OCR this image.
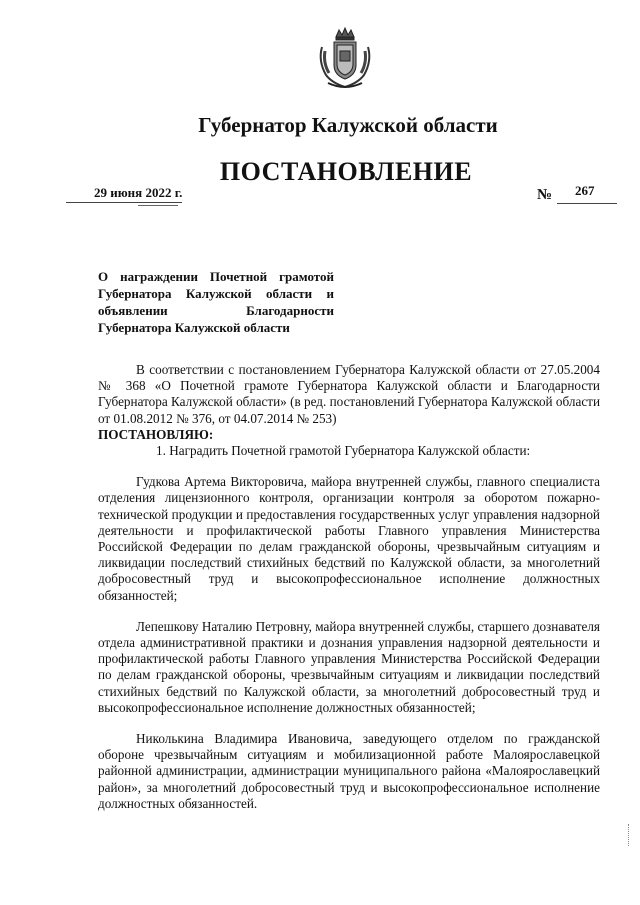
Губернатор Калужской области
ПОСТАНОВЛЕНИЕ
29 июня 2022 г.	№ 267
О награждении Почетной грамотой Губернатора Калужской области и объявлении Благодарности Губернатора Калужской области

В соответствии с постановлением Губернатора Калужской области от 27.05.2004 № 368 «О Почетной грамоте Губернатора Калужской области и Благодарности Губернатора Калужской области» (в ред. постановлений Губернатора Калужской области от 01.08.2012 № 376, от 04.07.2014 № 253)

ПОСТАНОВЛЯЮ:

1. Наградить Почетной грамотой Губернатора Калужской области:

Гудкова Артема Викторовича, майора внутренней службы, главного специалиста отделения лицензионного контроля, организации контроля за оборотом пожарно-технической продукции и предоставления государственных услуг управления надзорной деятельности и профилактической работы Главного управления Министерства Российской Федерации по делам гражданской обороны, чрезвычайным ситуациям и ликвидации последствий стихийных бедствий по Калужской области, за многолетний добросовестный труд и высокопрофессиональное исполнение должностных обязанностей;

Лепешкову Наталию Петровну, майора внутренней службы, старшего дознавателя отдела административной практики и дознания управления надзорной деятельности и профилактической работы Главного управления Министерства Российской Федерации по делам гражданской обороны, чрезвычайным ситуациям и ликвидации последствий стихийных бедствий по Калужской области, за многолетний добросовестный труд и высокопрофессиональное исполнение должностных обязанностей;

Николькина Владимира Ивановича, заведующего отделом по гражданской обороне чрезвычайным ситуациям и мобилизационной работе Малоярославецкой районной администрации, администрации муниципального района «Малоярославецкий район», за многолетний добросовестный труд и высокопрофессиональное исполнение должностных обязанностей.
